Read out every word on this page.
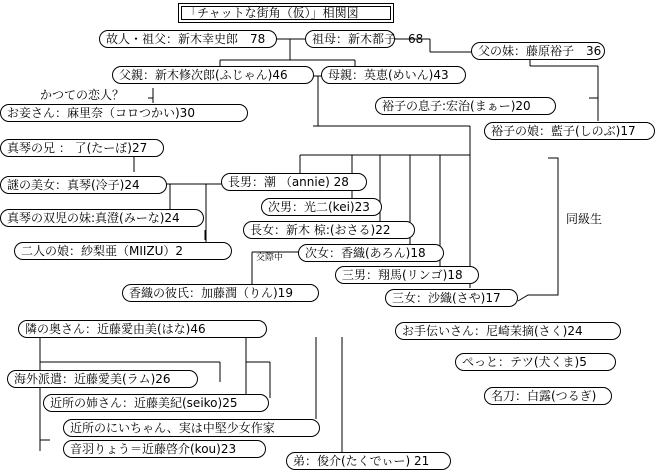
「チャットな街角（仮）」相関図
故人・祖父：新木幸史郎　78	祖母：新木都子　68
父の妹：藤原裕子　36
父親：新木修次郎(ふじゃん)46	母親：英恵(めいん)43
裕子の息子:宏治(まぁー)20
裕子の娘：藍子(しのぶ)17
かつての恋人？
お妾さん：麻里奈（コロつかい)30
真琴の兄 ： 了(たーぼ)27
謎の美女：真琴(冷子)24
真琴の双児の妹:真澄(みーな)24
二人の娘：紗梨亜（MIIZU）2
長男：潮 （annie) 28
次男：光二(kei)23
長女：新木 椋:(おさる)22
次女：香織(あろん)18
三男：翔馬(リンゴ)18
三女：沙織(さや)17
交際中
香織の彼氏：加藤潤（りん)19
同級生
隣の奥さん：近藤愛由美(はな)46
海外派遣：近藤愛美(ラム)26
近所の姉さん：近藤美紀(seiko)25
近所のにいちゃん、実は中堅少女作家
音羽りょう＝近藤啓介(kou)23
弟：俊介(たくでぃー) 21
お手伝いさん：尼崎茉摘(さく)24
ぺっと：テツ(犬くま)5
名刀：白露(つるぎ)
